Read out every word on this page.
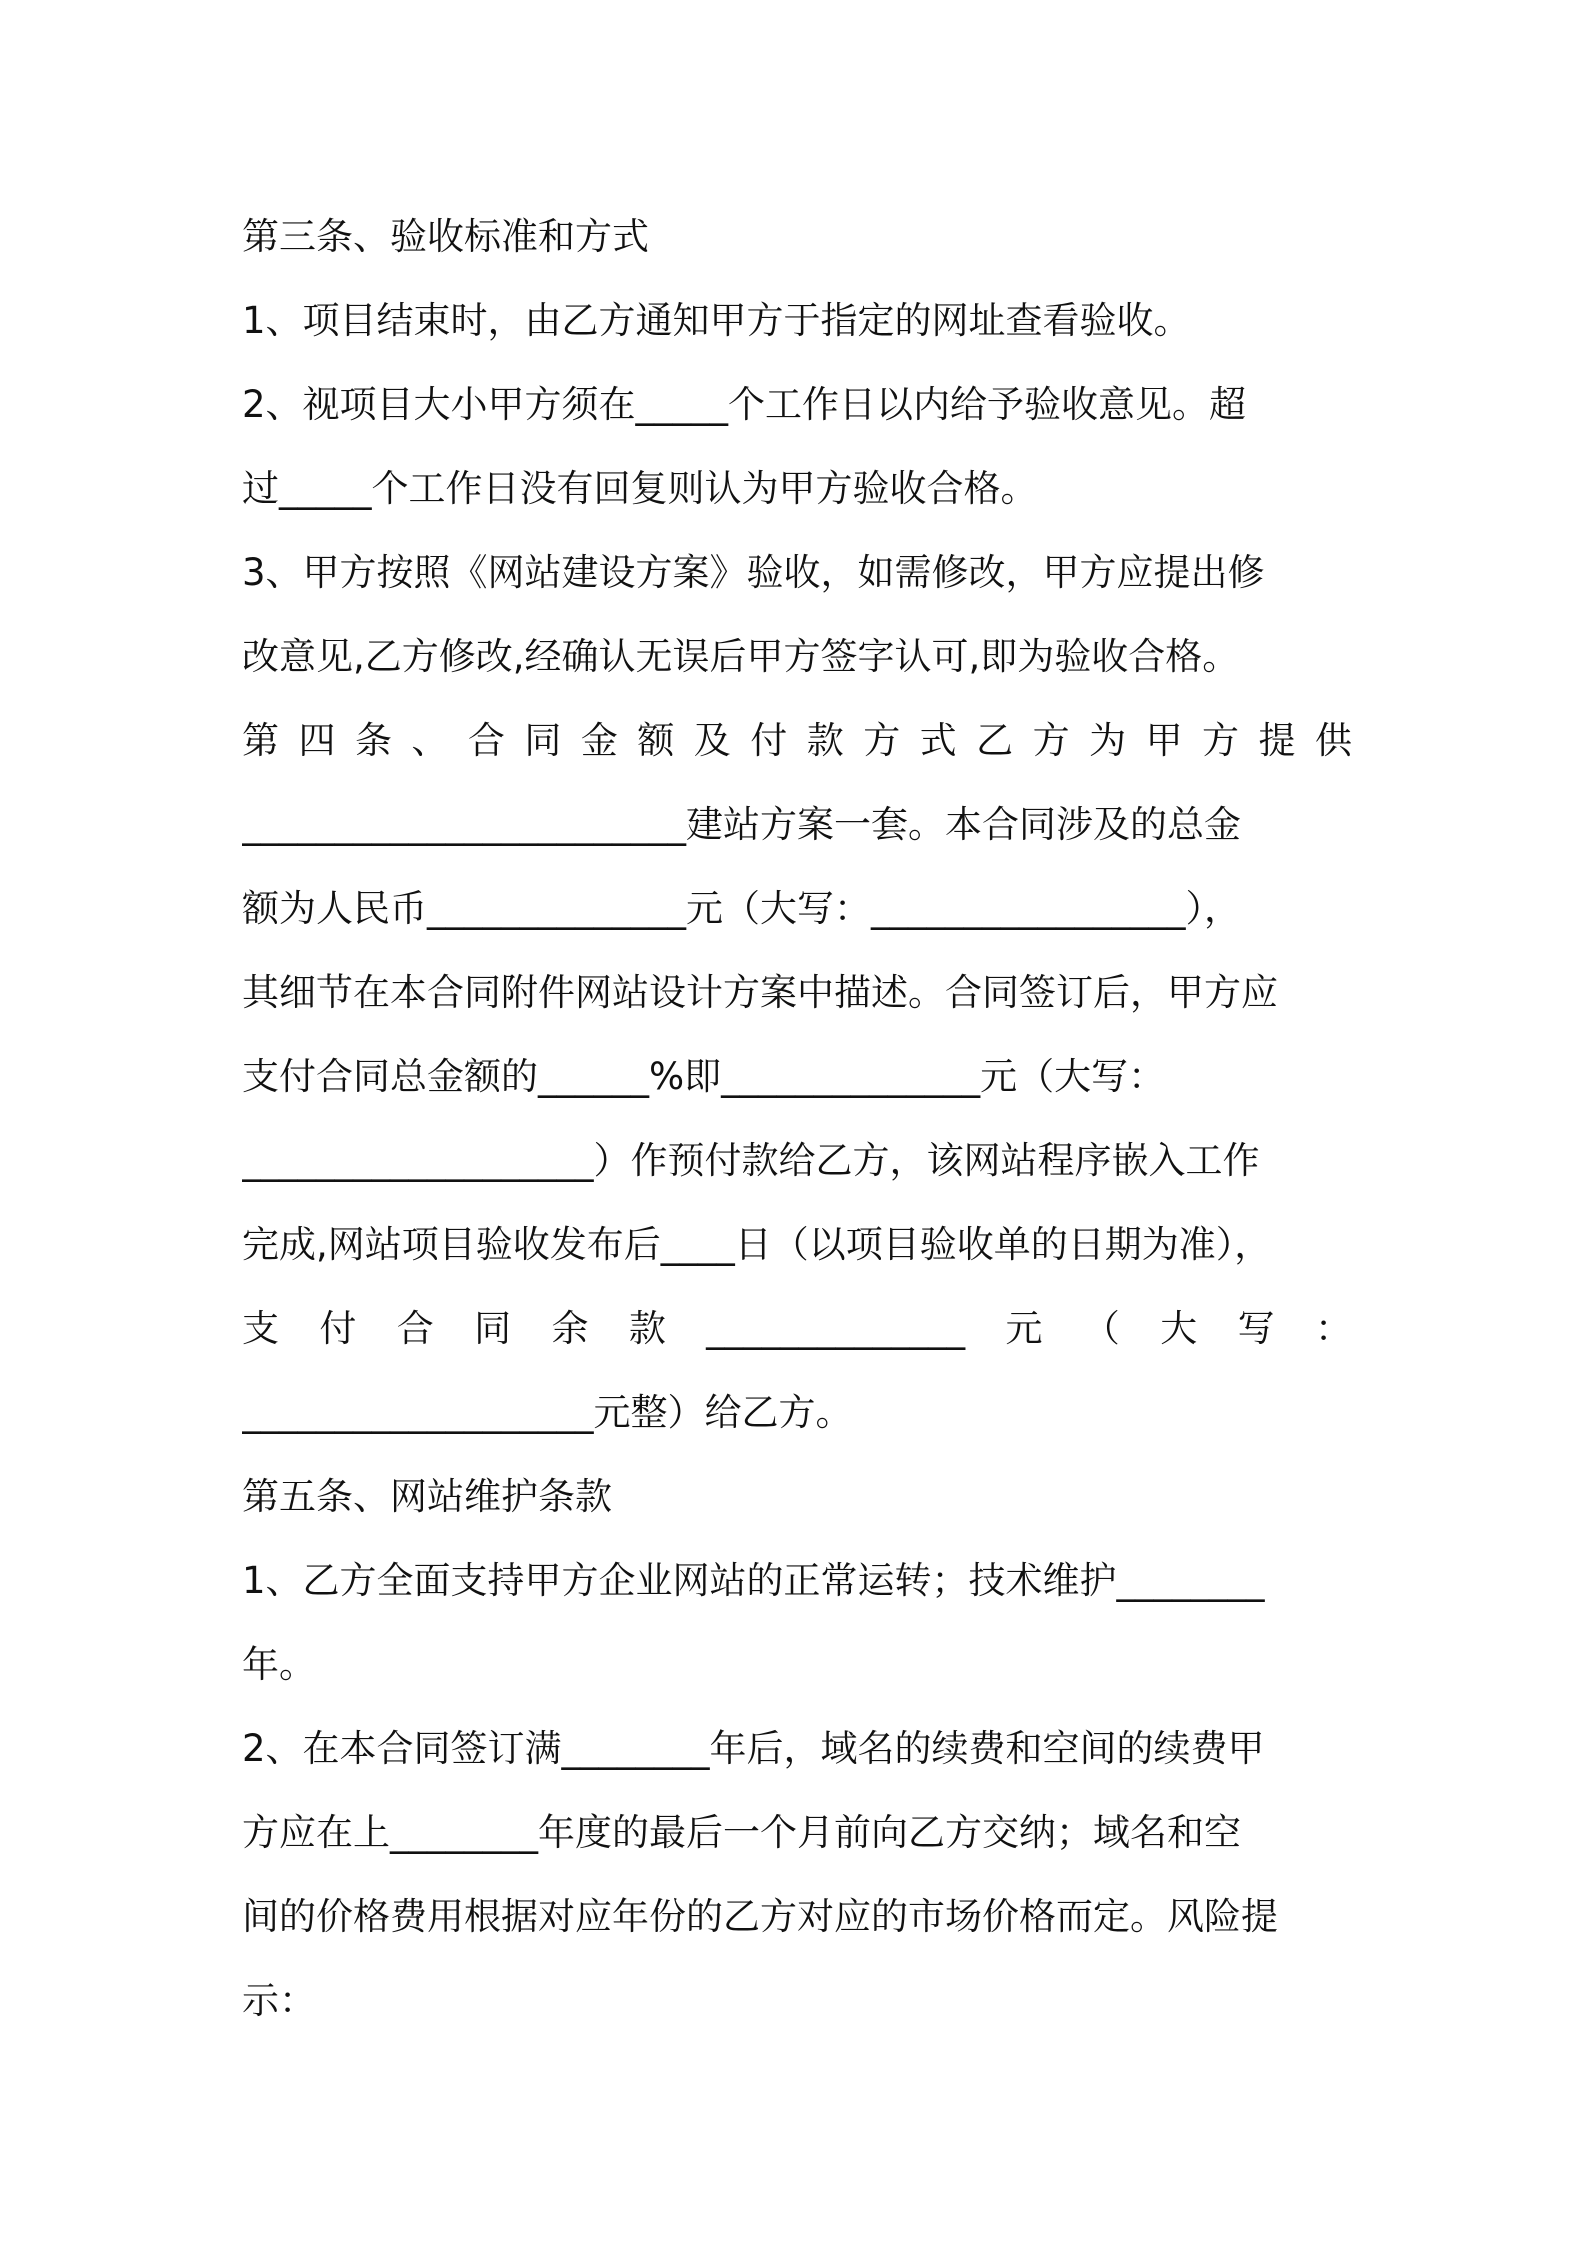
第三条、验收标准和方式
1、项目结束时，由乙方通知甲方于指定的网址查看验收。
2、视项目大小甲方须在_____个工作日以内给予验收意见。超
过_____个工作日没有回复则认为甲方验收合格。
3、甲方按照《网站建设方案》验收，如需修改，甲方应提出修
改意见,乙方修改,经确认无误后甲方签字认可,即为验收合格。
第四条、合同金额及付款方式乙方为甲方提供
________________________建站方案一套。本合同涉及的总金
额为人民币______________元（大写：_________________），
其细节在本合同附件网站设计方案中描述。合同签订后，甲方应
支付合同总金额的______%即______________元（大写：
___________________）作预付款给乙方，该网站程序嵌入工作
完成,网站项目验收发布后____日（以项目验收单的日期为准），
支付合同余款______________元（大写：
___________________元整）给乙方。
第五条、网站维护条款
1、乙方全面支持甲方企业网站的正常运转；技术维护________
年。
2、在本合同签订满________年后，域名的续费和空间的续费甲
方应在上________年度的最后一个月前向乙方交纳；域名和空
间的价格费用根据对应年份的乙方对应的市场价格而定。风险提
示：
